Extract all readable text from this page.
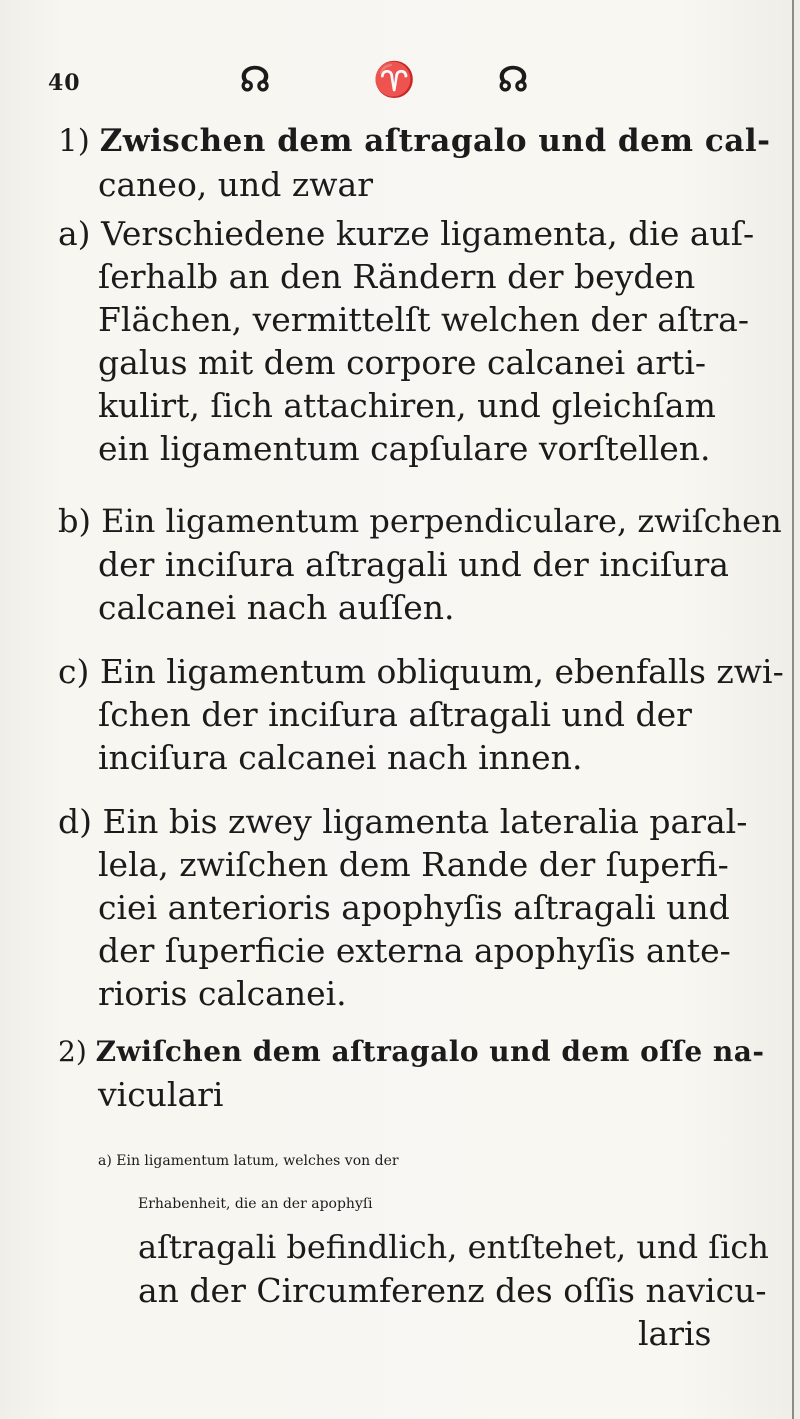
40	☊	♈ ☊

1) Zwischen dem aſtragalo und dem cal-

caneo, und zwar

a) Verschiedene kurze ligamenta, die auſ-

ſerhalb an den Rändern der beyden

Flächen, vermittelſt welchen der aſtra-

galus mit dem corpore calcanei arti-

kulirt, ſich attachiren, und gleichſam

ein ligamentum capſulare vorſtellen.

b) Ein ligamentum perpendiculare, zwiſchen

der inciſura aſtragali und der inciſura

calcanei nach auſſen.

c) Ein ligamentum obliquum, ebenfalls zwi-

ſchen der inciſura aſtragali und der

inciſura calcanei nach innen.

d) Ein bis zwey ligamenta lateralia paral-

lela, zwiſchen dem Rande der ſuperfi-

ciei anterioris apophyſis aſtragali und

der ſuperficie externa apophyſis ante-

rioris calcanei.

2) Zwiſchen dem aſtragalo und dem oſſe na-

viculari

a) Ein ligamentum latum, welches von der

Erhabenheit, die an der apophyſi

aſtragali befindlich, entſtehet, und ſich

an der Circumferenz des oſſis navicu-

laris
